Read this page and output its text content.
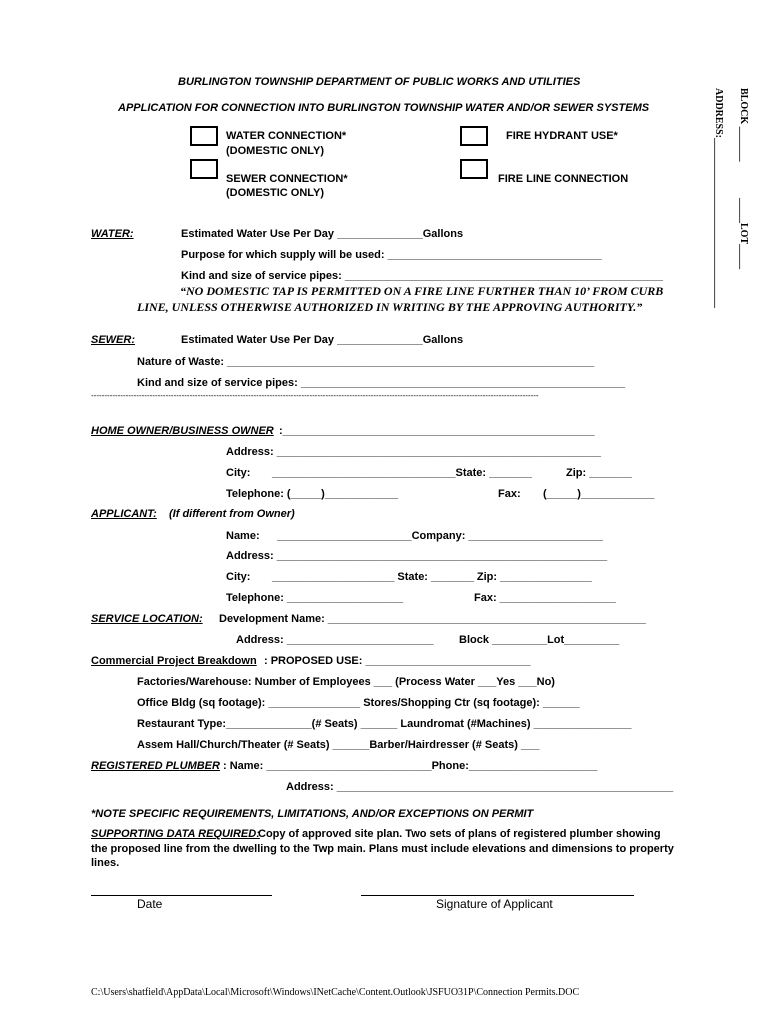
BURLINGTON TOWNSHIP DEPARTMENT OF PUBLIC WORKS AND UTILITIES
APPLICATION FOR CONNECTION INTO BURLINGTON TOWNSHIP WATER AND/OR SEWER SYSTEMS	BLOCK _______
_____LOT_____
ADDRESS:__________________________________
WATER CONNECTION*
(DOMESTIC ONLY)
SEWER CONNECTION*
(DOMESTIC ONLY)
FIRE HYDRANT USE*
FIRE LINE CONNECTION
WATER:	Estimated Water Use Per Day ______________Gallons
Purpose for which supply will be used: ___________________________________
Kind and size of service pipes: ____________________________________________________
“NO DOMESTIC TAP IS PERMITTED ON A FIRE LINE FURTHER THAN 10’ FROM CURB
LINE, UNLESS OTHERWISE AUTHORIZED IN WRITING BY THE APPROVING AUTHORITY.”
SEWER:	Estimated Water Use Per Day ______________Gallons
Nature of Waste: ____________________________________________________________
Kind and size of service pipes: _____________________________________________________
------------------------------------------------------------------------------------------------------------------------------------------------------------------------
HOME OWNER/BUSINESS OWNER :___________________________________________________
Address: _____________________________________________________
City: ______________________________State: _______	Zip: _______
Telephone: (_____)____________	Fax: (_____)____________
APPLICANT: (If different from Owner)
Name: ______________________Company: ______________________
Address: ______________________________________________________
City: ____________________ State: _______ Zip: _______________
Telephone: ___________________	Fax: ___________________
SERVICE LOCATION: Development Name: ____________________________________________________
Address: ________________________ Block _________Lot_________
Commercial Project Breakdown : PROPOSED USE: ___________________________
Factories/Warehouse: Number of Employees ___ (Process Water ___Yes ___No)
Office Bldg (sq footage): _______________ Stores/Shopping Ctr (sq footage): ______
Restaurant Type:______________(# Seats) ______ Laundromat (#Machines) ________________
Assem Hall/Church/Theater (# Seats) ______Barber/Hairdresser (# Seats) ___
REGISTERED PLUMBER : Name: ___________________________Phone:_____________________
Address: _______________________________________________________
*NOTE SPECIFIC REQUIREMENTS, LIMITATIONS, AND/OR EXCEPTIONS ON PERMIT
SUPPORTING DATA REQUIRED:
Copy of approved site plan. Two sets of plans of registered plumber showing
the proposed line from the dwelling to the Twp main. Plans must include elevations and dimensions to property
lines.
Date	Signature of Applicant
C:\Users\shatfield\AppData\Local\Microsoft\Windows\INetCache\Content.Outlook\JSFUO31P\Connection Permits.DOC
